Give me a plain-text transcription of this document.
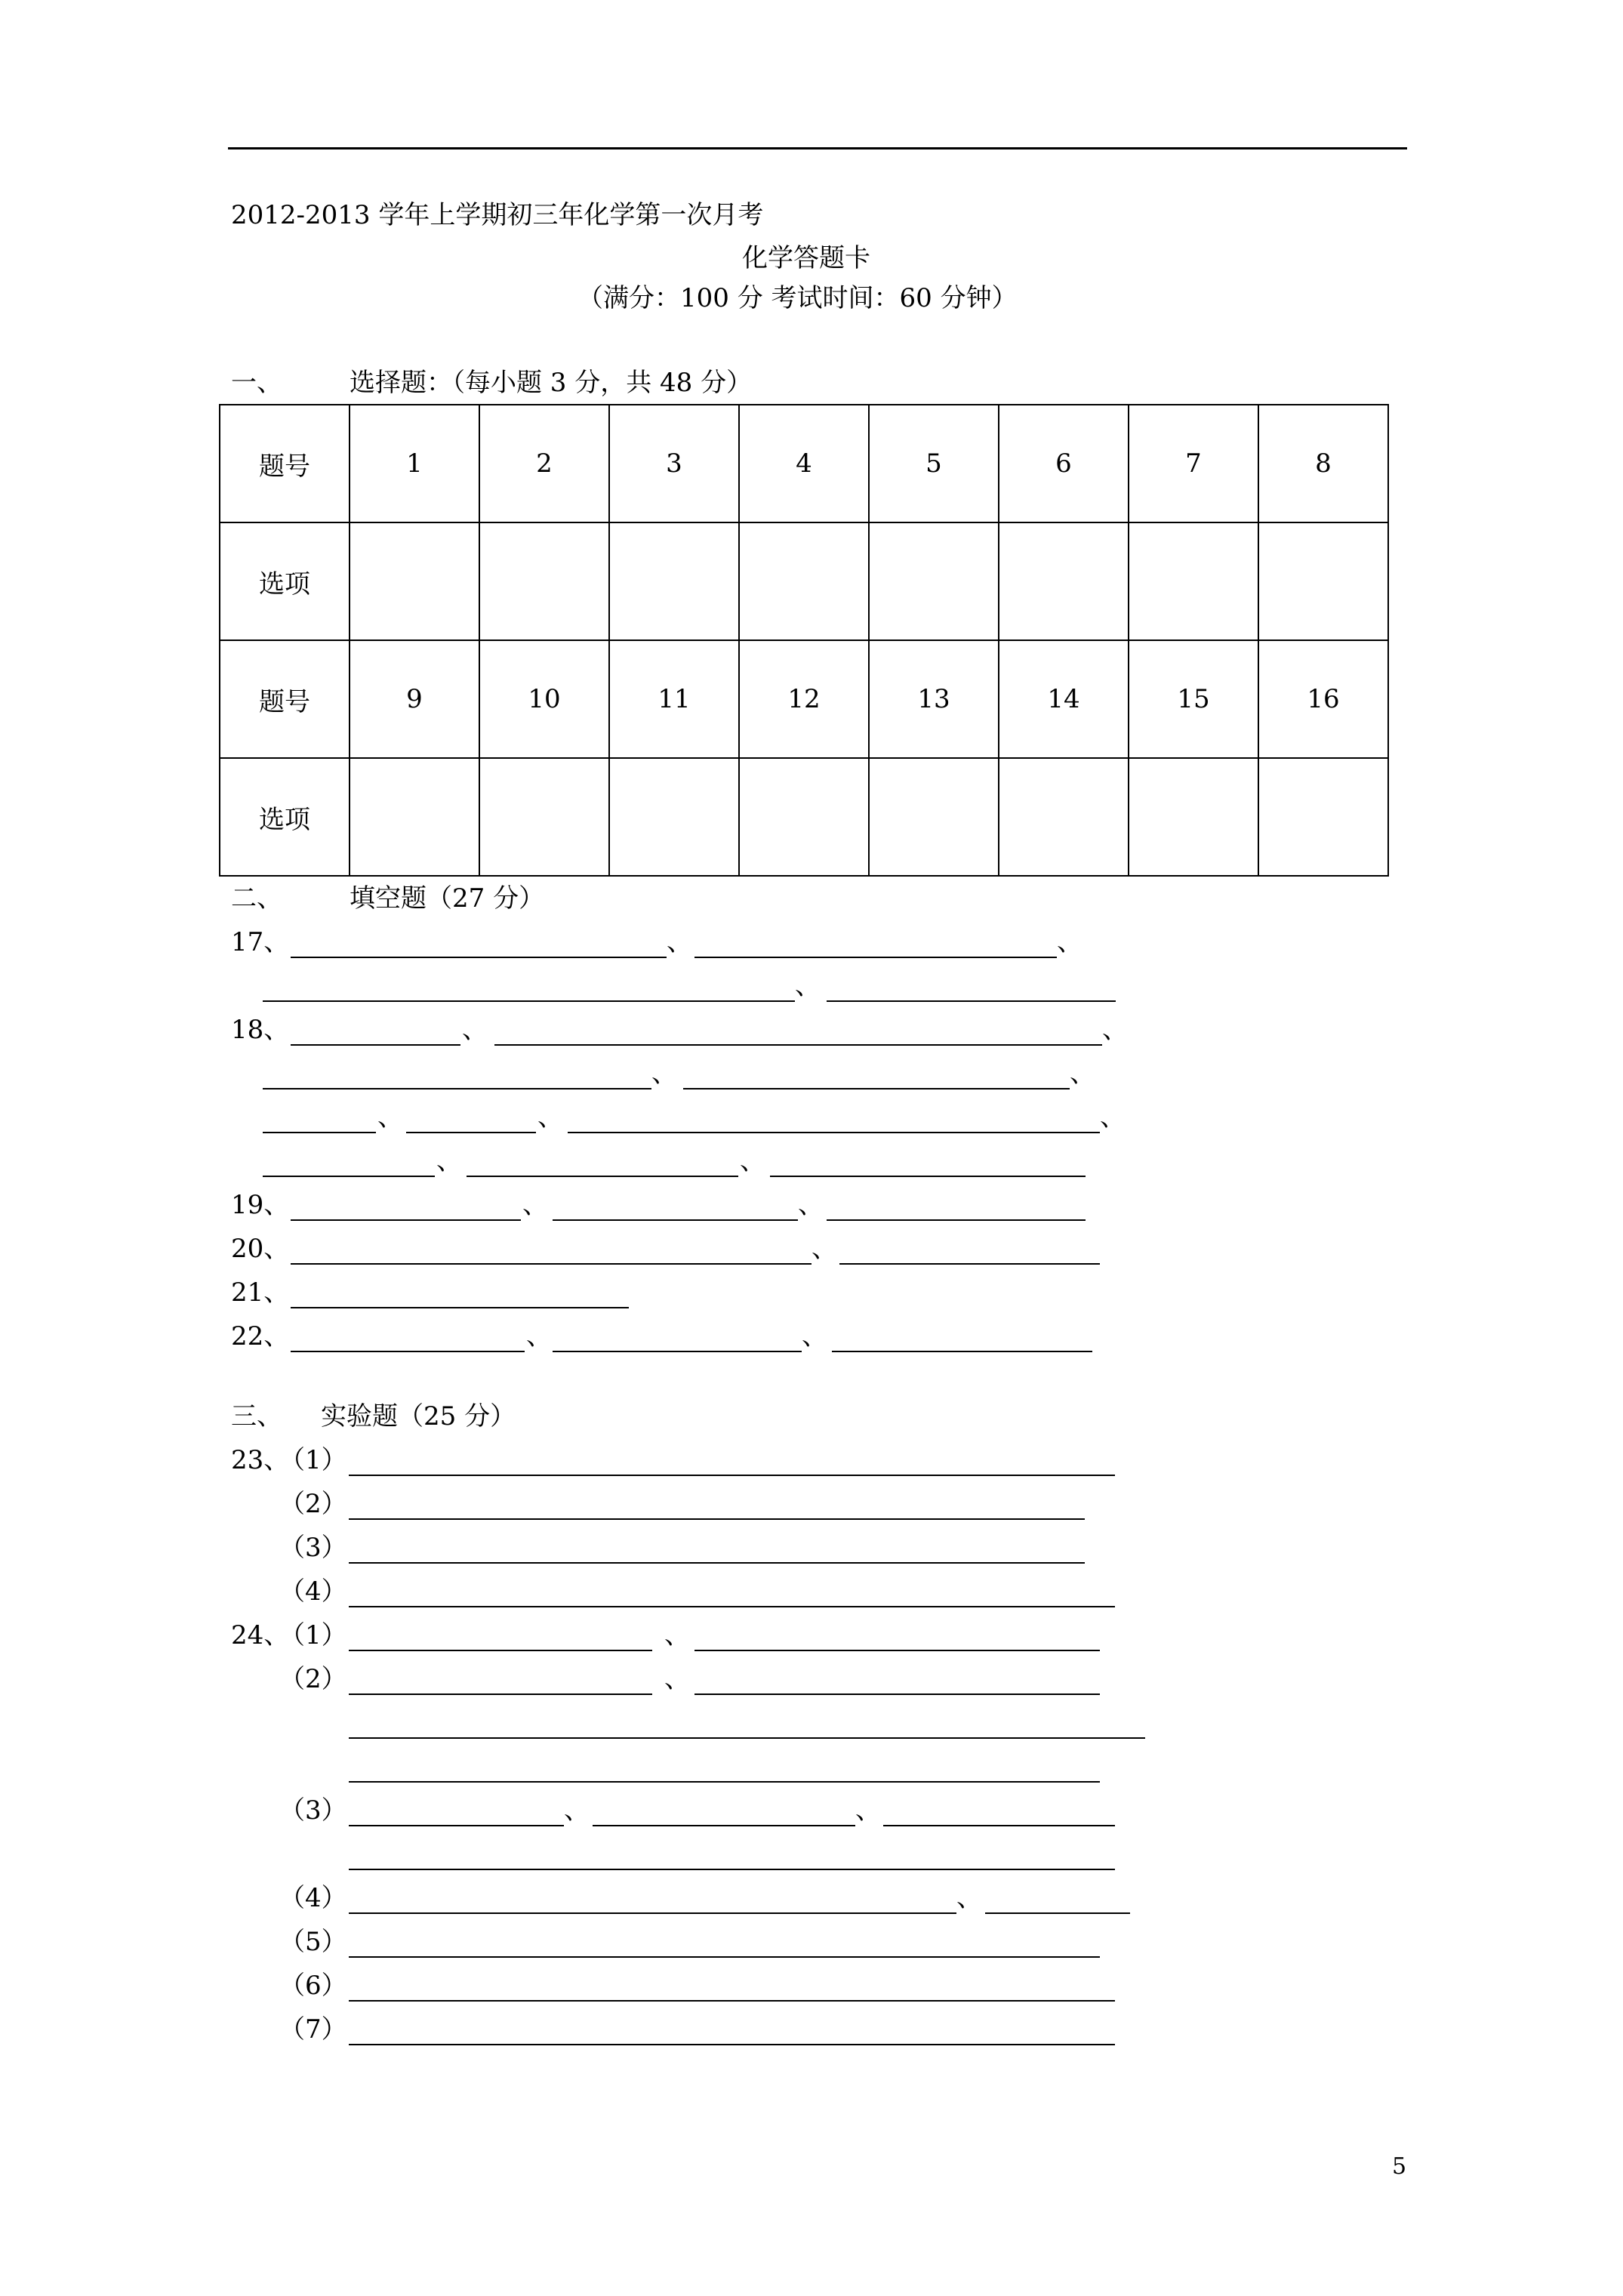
2012-2013 学年上学期初三年化学第一次月考
化学答题卡
（满分：100 分 考试时间：60 分钟）
一、	选择题：（每小题 3 分，共 48 分）
题号	1	2	3	4	5	6	7	8
选项								
题号	9	10	11	12	13	14	15	16
选项								
二、	填空题（27 分）
17、	、	、
、
18、	、	、
、	、
、	、	、
、	、
19、	、	、
20、	、
21、
22、	、	、
三、 实验题（25 分）
23、
（1）
（2）
（3）
（4）
24、
（1）	、
（2）	、
（3）	、	、
（4）	、
（5）
（6）
（7）
5
